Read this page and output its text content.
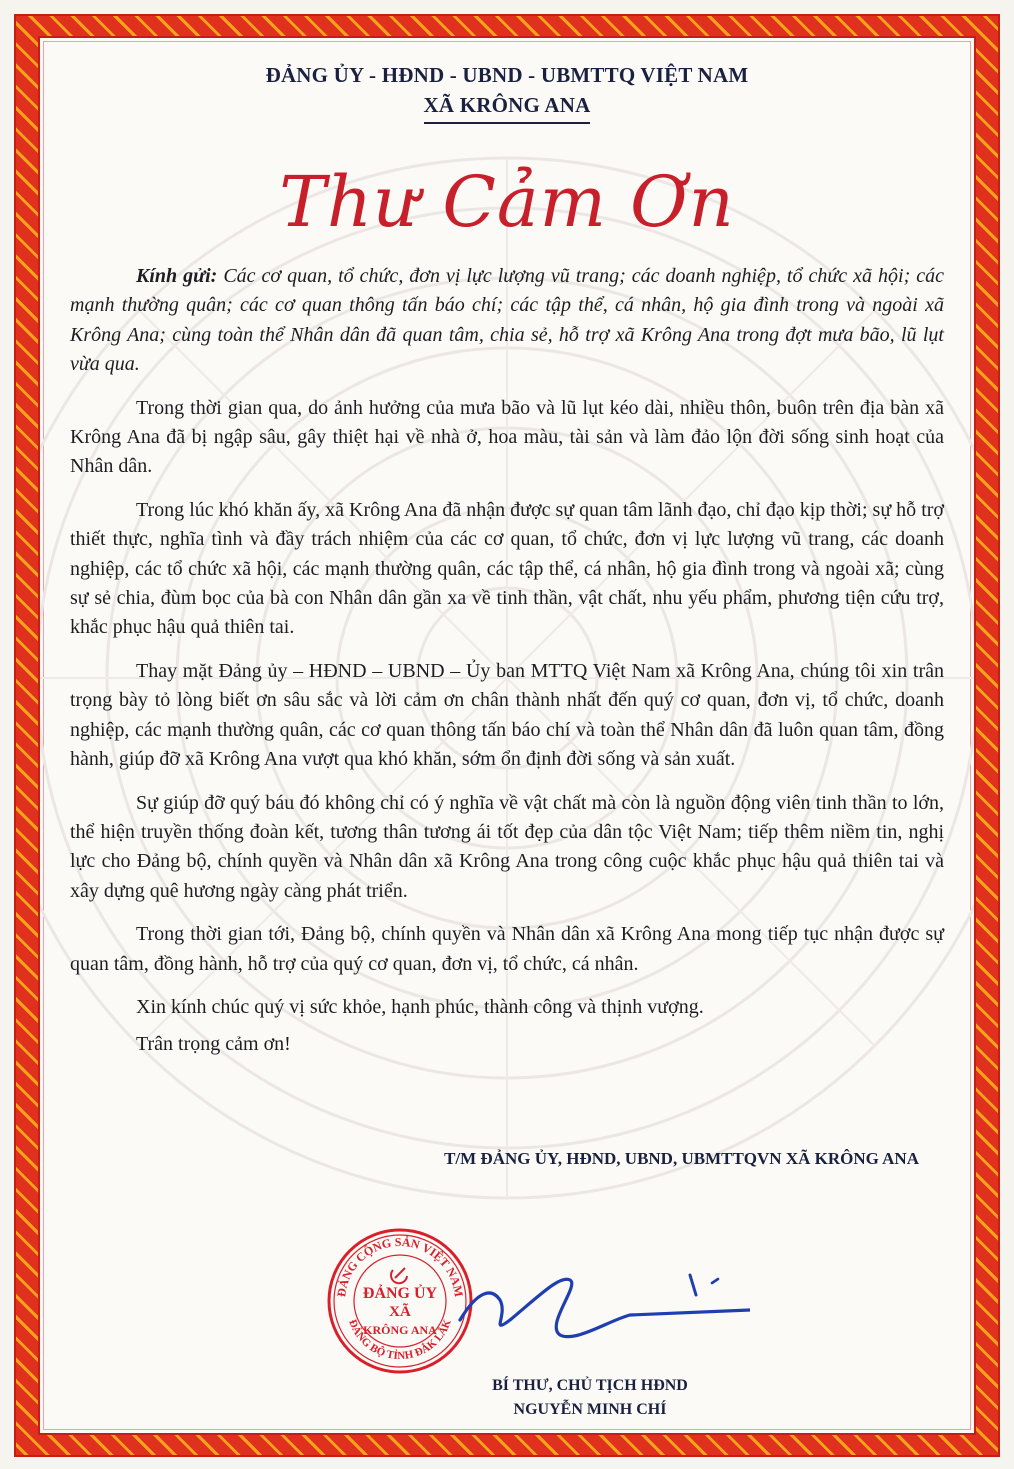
ĐẢNG ỦY - HĐND - UBND - UBMTTQ VIỆT NAM
XÃ KRÔNG ANA
Thư Cảm Ơn

Kính gửi: Các cơ quan, tổ chức, đơn vị lực lượng vũ trang; các doanh nghiệp, tổ chức xã hội; các mạnh thường quân; các cơ quan thông tấn báo chí; các tập thể, cá nhân, hộ gia đình trong và ngoài xã Krông Ana; cùng toàn thể Nhân dân đã quan tâm, chia sẻ, hỗ trợ xã Krông Ana trong đợt mưa bão, lũ lụt vừa qua.

Trong thời gian qua, do ảnh hưởng của mưa bão và lũ lụt kéo dài, nhiều thôn, buôn trên địa bàn xã Krông Ana đã bị ngập sâu, gây thiệt hại về nhà ở, hoa màu, tài sản và làm đảo lộn đời sống sinh hoạt của Nhân dân.

Trong lúc khó khăn ấy, xã Krông Ana đã nhận được sự quan tâm lãnh đạo, chỉ đạo kịp thời; sự hỗ trợ thiết thực, nghĩa tình và đầy trách nhiệm của các cơ quan, tổ chức, đơn vị lực lượng vũ trang, các doanh nghiệp, các tổ chức xã hội, các mạnh thường quân, các tập thể, cá nhân, hộ gia đình trong và ngoài xã; cùng sự sẻ chia, đùm bọc của bà con Nhân dân gần xa về tinh thần, vật chất, nhu yếu phẩm, phương tiện cứu trợ, khắc phục hậu quả thiên tai.

Thay mặt Đảng ủy – HĐND – UBND – Ủy ban MTTQ Việt Nam xã Krông Ana, chúng tôi xin trân trọng bày tỏ lòng biết ơn sâu sắc và lời cảm ơn chân thành nhất đến quý cơ quan, đơn vị, tổ chức, doanh nghiệp, các mạnh thường quân, các cơ quan thông tấn báo chí và toàn thể Nhân dân đã luôn quan tâm, đồng hành, giúp đỡ xã Krông Ana vượt qua khó khăn, sớm ổn định đời sống và sản xuất.

Sự giúp đỡ quý báu đó không chỉ có ý nghĩa về vật chất mà còn là nguồn động viên tinh thần to lớn, thể hiện truyền thống đoàn kết, tương thân tương ái tốt đẹp của dân tộc Việt Nam; tiếp thêm niềm tin, nghị lực cho Đảng bộ, chính quyền và Nhân dân xã Krông Ana trong công cuộc khắc phục hậu quả thiên tai và xây dựng quê hương ngày càng phát triển.

Trong thời gian tới, Đảng bộ, chính quyền và Nhân dân xã Krông Ana mong tiếp tục nhận được sự quan tâm, đồng hành, hỗ trợ của quý cơ quan, đơn vị, tổ chức, cá nhân.

Xin kính chúc quý vị sức khỏe, hạnh phúc, thành công và thịnh vượng.

Trân trọng cảm ơn!

T/M ĐẢNG ỦY, HĐND, UBND, UBMTTQVN XÃ KRÔNG ANA
ĐẢNG CỘNG SẢN VIỆT NAM
ĐẢNG BỘ TỈNH ĐẮK LẮK
ĐẢNG ỦY
XÃ
KRÔNG ANA
BÍ THƯ, CHỦ TỊCH HĐND
NGUYỄN MINH CHÍ
